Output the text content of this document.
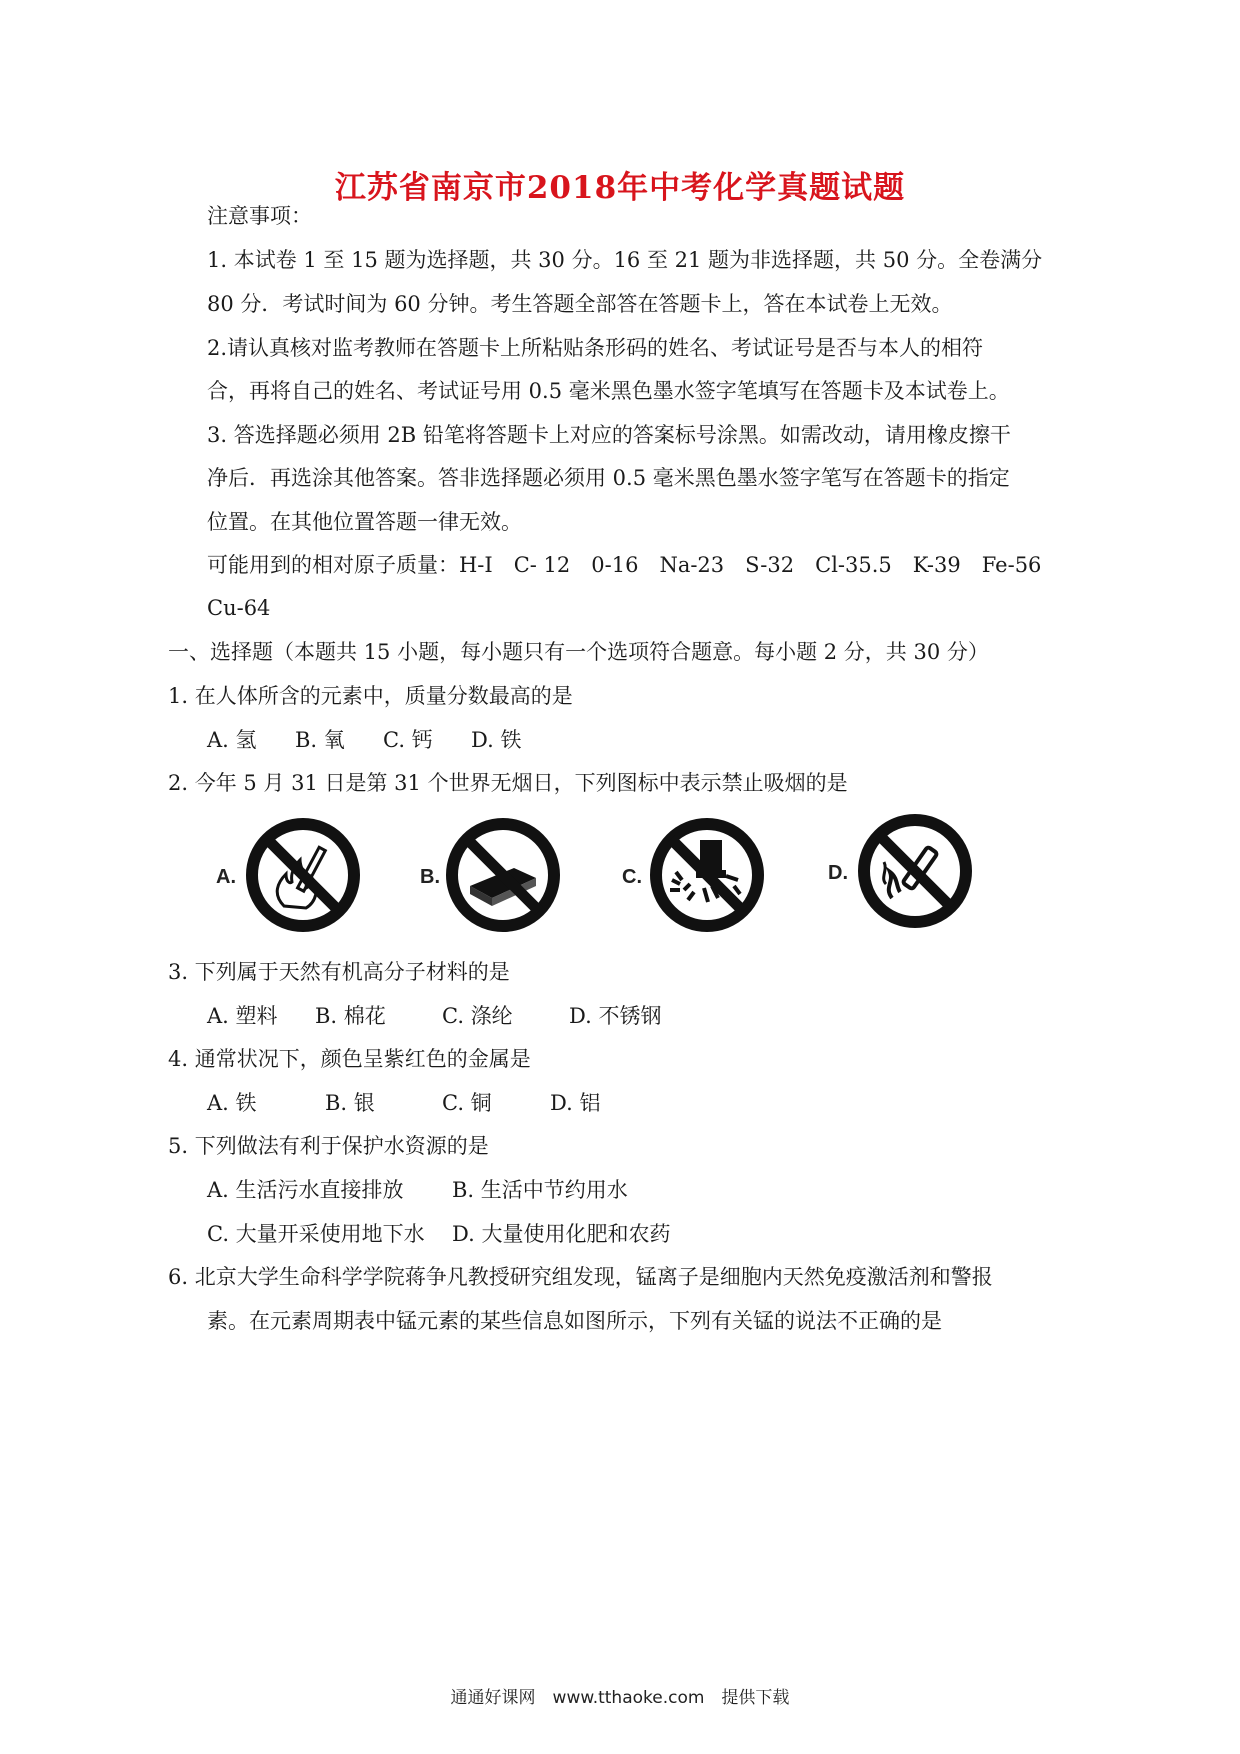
江苏省南京市2018年中考化学真题试题
注意事项：
1. 本试卷 1 至 15 题为选择题，共 30 分。16 至 21 题为非选择题，共 50 分。全卷满分
80 分．考试时间为 60 分钟。考生答题全部答在答题卡上，答在本试卷上无效。
2.请认真核对监考教师在答题卡上所粘贴条形码的姓名、考试证号是否与本人的相符
合，再将自己的姓名、考试证号用 0.5 毫米黑色墨水签字笔填写在答题卡及本试卷上。
3. 答选择题必须用 2B 铅笔将答题卡上对应的答案标号涂黑。如需改动，请用橡皮擦干
净后．再选涂其他答案。答非选择题必须用 0.5 毫米黑色墨水签字笔写在答题卡的指定
位置。在其他位置答题一律无效。
可能用到的相对原子质量：H-I　C- 12　0-16　Na-23　S-32　Cl-35.5　K-39　Fe-56
Cu-64
一、选择题（本题共 15 小题，每小题只有一个选项符合题意。每小题 2 分，共 30 分）
1. 在人体所含的元素中，质量分数最高的是
A. 氢 B. 氧 C. 钙 D. 铁
2. 今年 5 月 31 日是第 31 个世界无烟日，下列图标中表示禁止吸烟的是
A.	B.	C.	D.
3. 下列属于天然有机高分子材料的是
A. 塑料 B. 棉花	C. 涤纶	D. 不锈钢
4. 通常状况下，颜色呈紫红色的金属是
A. 铁	B. 银	C. 铜	D. 铝
5. 下列做法有利于保护水资源的是
A. 生活污水直接排放 B. 生活中节约用水
C. 大量开采使用地下水 D. 大量使用化肥和农药
6. 北京大学生命科学学院蒋争凡教授研究组发现，锰离子是细胞内天然免疫激活剂和警报
素。在元素周期表中锰元素的某些信息如图所示，下列有关锰的说法不正确的是
通通好课网　www.tthaoke.com　提供下载
